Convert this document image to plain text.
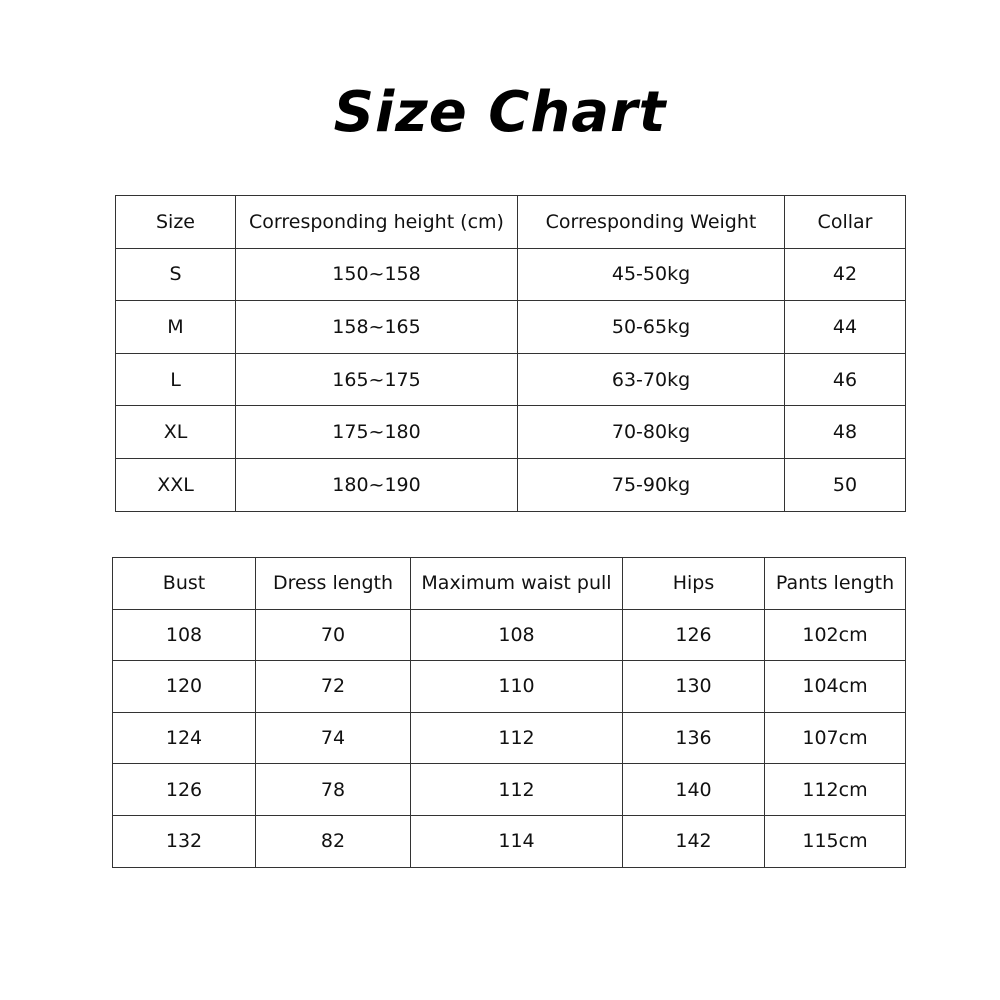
Size Chart
Size	Corresponding height (cm)	Corresponding Weight	Collar
S	150~158	45-50kg	42
M	158~165	50-65kg	44
L	165~175	63-70kg	46
XL	175~180	70-80kg	48
XXL	180~190	75-90kg	50
Bust	Dress length	Maximum waist pull	Hips	Pants length
108	70	108	126	102cm
120	72	110	130	104cm
124	74	112	136	107cm
126	78	112	140	112cm
132	82	114	142	115cm
